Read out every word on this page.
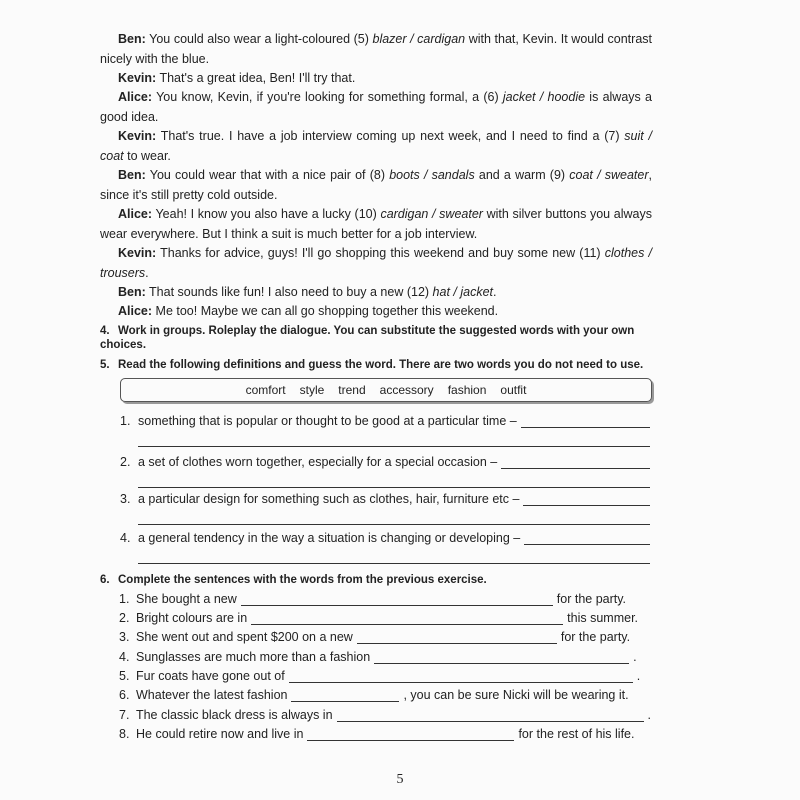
Ben: You could also wear a light-coloured (5) blazer / cardigan with that, Kevin. It would contrast nicely with the blue.
Kevin: That's a great idea, Ben! I'll try that.
Alice: You know, Kevin, if you're looking for something formal, a (6) jacket / hoodie is always a good idea.
Kevin: That's true. I have a job interview coming up next week, and I need to find a (7) suit / coat to wear.
Ben: You could wear that with a nice pair of (8) boots / sandals and a warm (9) coat / sweater, since it's still pretty cold outside.
Alice: Yeah! I know you also have a lucky (10) cardigan / sweater with silver buttons you always wear everywhere. But I think a suit is much better for a job interview.
Kevin: Thanks for advice, guys! I'll go shopping this weekend and buy some new (11) clothes / trousers.
Ben: That sounds like fun! I also need to buy a new (12) hat / jacket.
Alice: Me too! Maybe we can all go shopping together this weekend.
4. Work in groups. Roleplay the dialogue. You can substitute the suggested words with your own choices.
5. Read the following definitions and guess the word. There are two words you do not need to use.
comfort style trend accessory fashion outfit
1. something that is popular or thought to be good at a particular time –
2. a set of clothes worn together, especially for a special occasion –
3. a particular design for something such as clothes, hair, furniture etc –
4. a general tendency in the way a situation is changing or developing –
6. Complete the sentences with the words from the previous exercise.
1. She bought a new	for the party.
2. Bright colours are in	this summer.
3. She went out and spent $200 on a new	for the party.
4. Sunglasses are much more than a fashion	.
5. Fur coats have gone out of	.
6. Whatever the latest fashion	, you can be sure Nicki will be wearing it.
7. The classic black dress is always in	.
8. He could retire now and live in	for the rest of his life.
5
